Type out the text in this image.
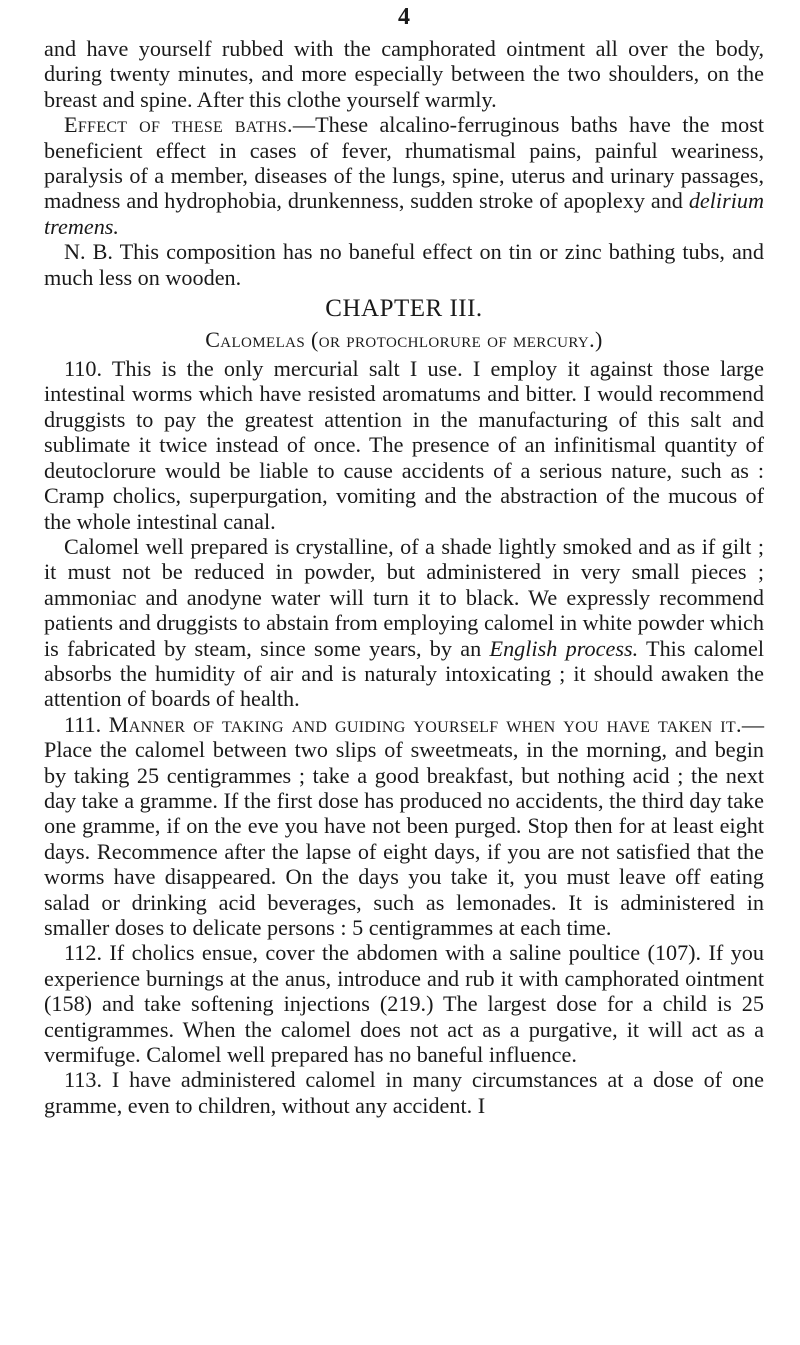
4

and have yourself rubbed with the camphorated ointment all over the body, during twenty minutes, and more especially between the two shoulders, on the breast and spine. After this clothe yourself warmly.

Effect of these baths.—These alcalino-ferruginous baths have the most beneficient effect in cases of fever, rhumatismal pains, painful weariness, paralysis of a member, diseases of the lungs, spine, uterus and urinary passages, madness and hydrophobia, drunkenness, sudden stroke of apoplexy and delirium tremens.

N. B. This composition has no baneful effect on tin or zinc bathing tubs, and much less on wooden.

CHAPTER III.
Calomelas (or protochlorure of mercury.)

110. This is the only mercurial salt I use. I employ it against those large intestinal worms which have resisted aromatums and bitter. I would recommend druggists to pay the greatest attention in the manufacturing of this salt and sublimate it twice instead of once. The presence of an infinitismal quantity of deutoclorure would be liable to cause accidents of a serious nature, such as : Cramp cholics, superpurgation, vomiting and the abstraction of the mucous of the whole intestinal canal.

Calomel well prepared is crystalline, of a shade lightly smoked and as if gilt ; it must not be reduced in powder, but administered in very small pieces ; ammoniac and anodyne water will turn it to black. We expressly recommend patients and druggists to abstain from employing calomel in white powder which is fabricated by steam, since some years, by an English process. This calomel absorbs the humidity of air and is naturaly intoxicating ; it should awaken the attention of boards of health.

111. Manner of taking and guiding yourself when you have taken it.—Place the calomel between two slips of sweetmeats, in the morning, and begin by taking 25 centigrammes ; take a good breakfast, but nothing acid ; the next day take a gramme. If the first dose has produced no accidents, the third day take one gramme, if on the eve you have not been purged. Stop then for at least eight days. Recommence after the lapse of eight days, if you are not satisfied that the worms have disappeared. On the days you take it, you must leave off eating salad or drinking acid beverages, such as lemonades. It is administered in smaller doses to delicate persons : 5 centigrammes at each time.

112. If cholics ensue, cover the abdomen with a saline poultice (107). If you experience burnings at the anus, introduce and rub it with camphorated ointment (158) and take softening injections (219.) The largest dose for a child is 25 centigrammes. When the calomel does not act as a purgative, it will act as a vermifuge. Calomel well prepared has no baneful influence.

113. I have administered calomel in many circumstances at a dose of one gramme, even to children, without any accident. I
